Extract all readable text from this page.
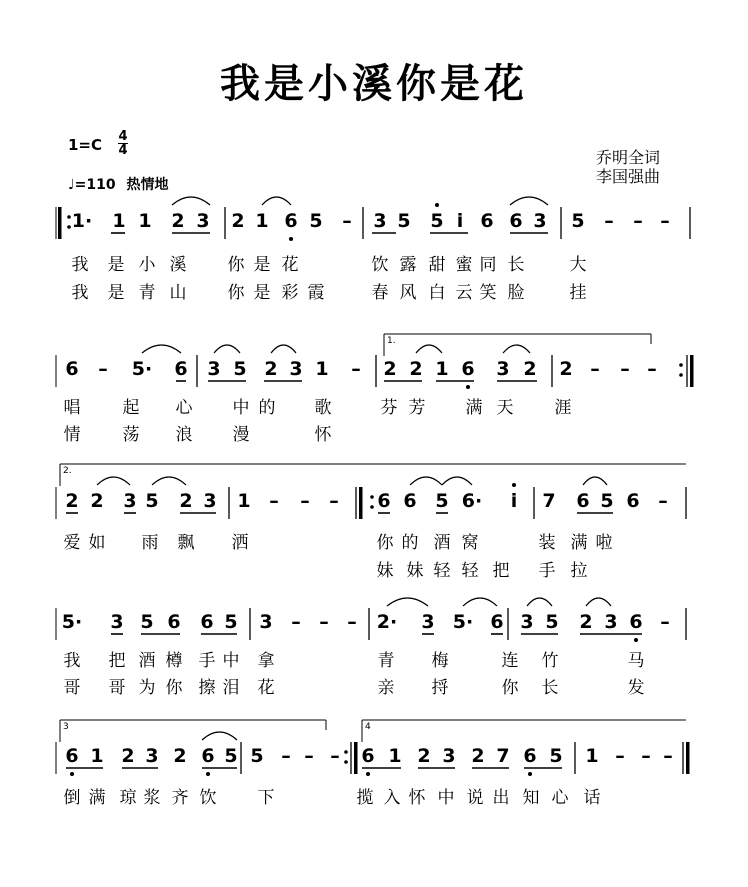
我是小溪你是花
1=C 4
4
♩=110 热情地
乔明全词
李国强曲
1· 1 1 2 3 2 1 6 5 – 3 5 5 i 6 6 3 5 – – –
我 是 小 溪 你 是 花	饮 露 甜 蜜 同 长	大
我 是 青 山 你 是 彩 霞	春 风 白 云 笑 脸	挂
6 – 5· 6 3 5 2 3 1 – 2 2 1 6 3 2 2 – – –
1.
唱 起 心 中 的 歌	芬 芳 满 天 涯
情 荡 浪 漫	怀
2 2 3 5 2 3 1 – – – 6 6 5 6· i 7 6 5 6 –
2.
爱 如 雨 飘 洒	你 的 酒 窝	装 满 啦
妹 妹 轻 轻 把 手 拉
5· 3 5 6 6 5 3 – – – 2· 3 5· 6 3 5 2 3 6 –
我 把 酒 樽 手 中 拿	青 梅	连 竹	马
哥 哥 为 你 擦 泪 花	亲 捋	你 长	发
6 1 2 3 2 6 5 5 – – – 6 1 2 3 2 7 6 5 1 – – –
3	4
倒 满 琼 浆 齐 饮 下	揽 入 怀 中 说 出 知 心 话
